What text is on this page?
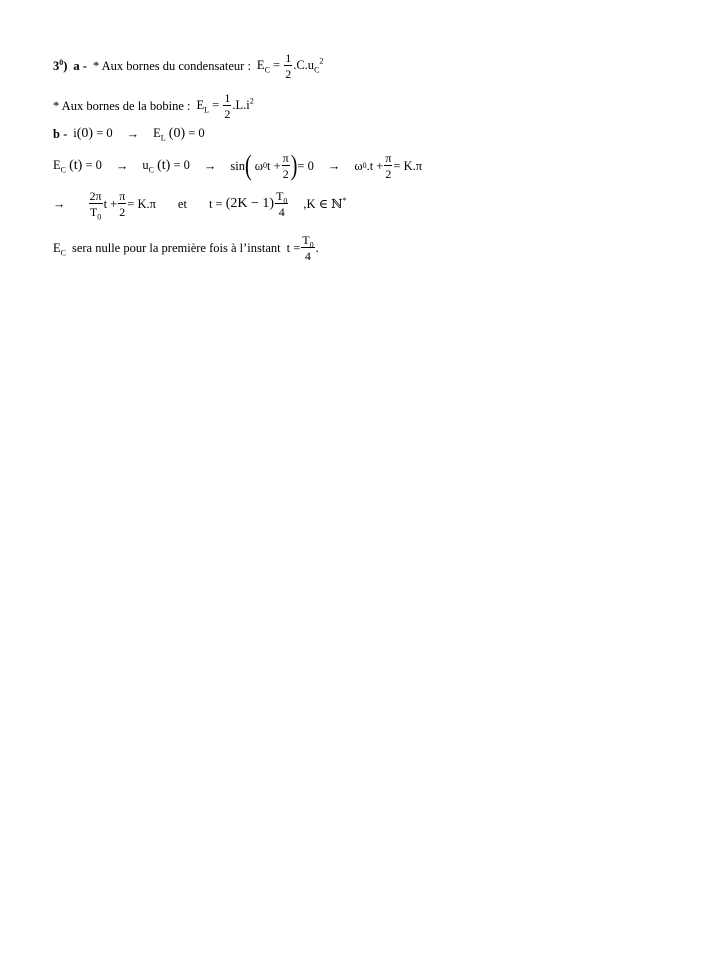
$3^0$) a - * Aux bornes du condensateur : $E_C = \frac{1}{2} .C.u_C^2$
* Aux bornes de la bobine : $E_L = \frac{1}{2} .L.i^2$
$b - i(0) = 0 \to E_L$ (0) = 0
$E_C$ $(t) = 0 \to u_C$ (t) = 0 → sin (
ω 0 $t + \frac{\pi}{2}$ ) = 0 → ω 0 $.t + \frac{\pi}{2} = K.\pi$
→ $\frac{2\pi}{T_0}$ $t + \frac{\pi}{2} = K.\pi$ et t =
$(2K - 1) \frac{T_0}{4} ,K$ ∈ ℕ*
$E_C$ sera nulle pour la première fois à l’instant $t = \frac{T_0}{4}$ .
